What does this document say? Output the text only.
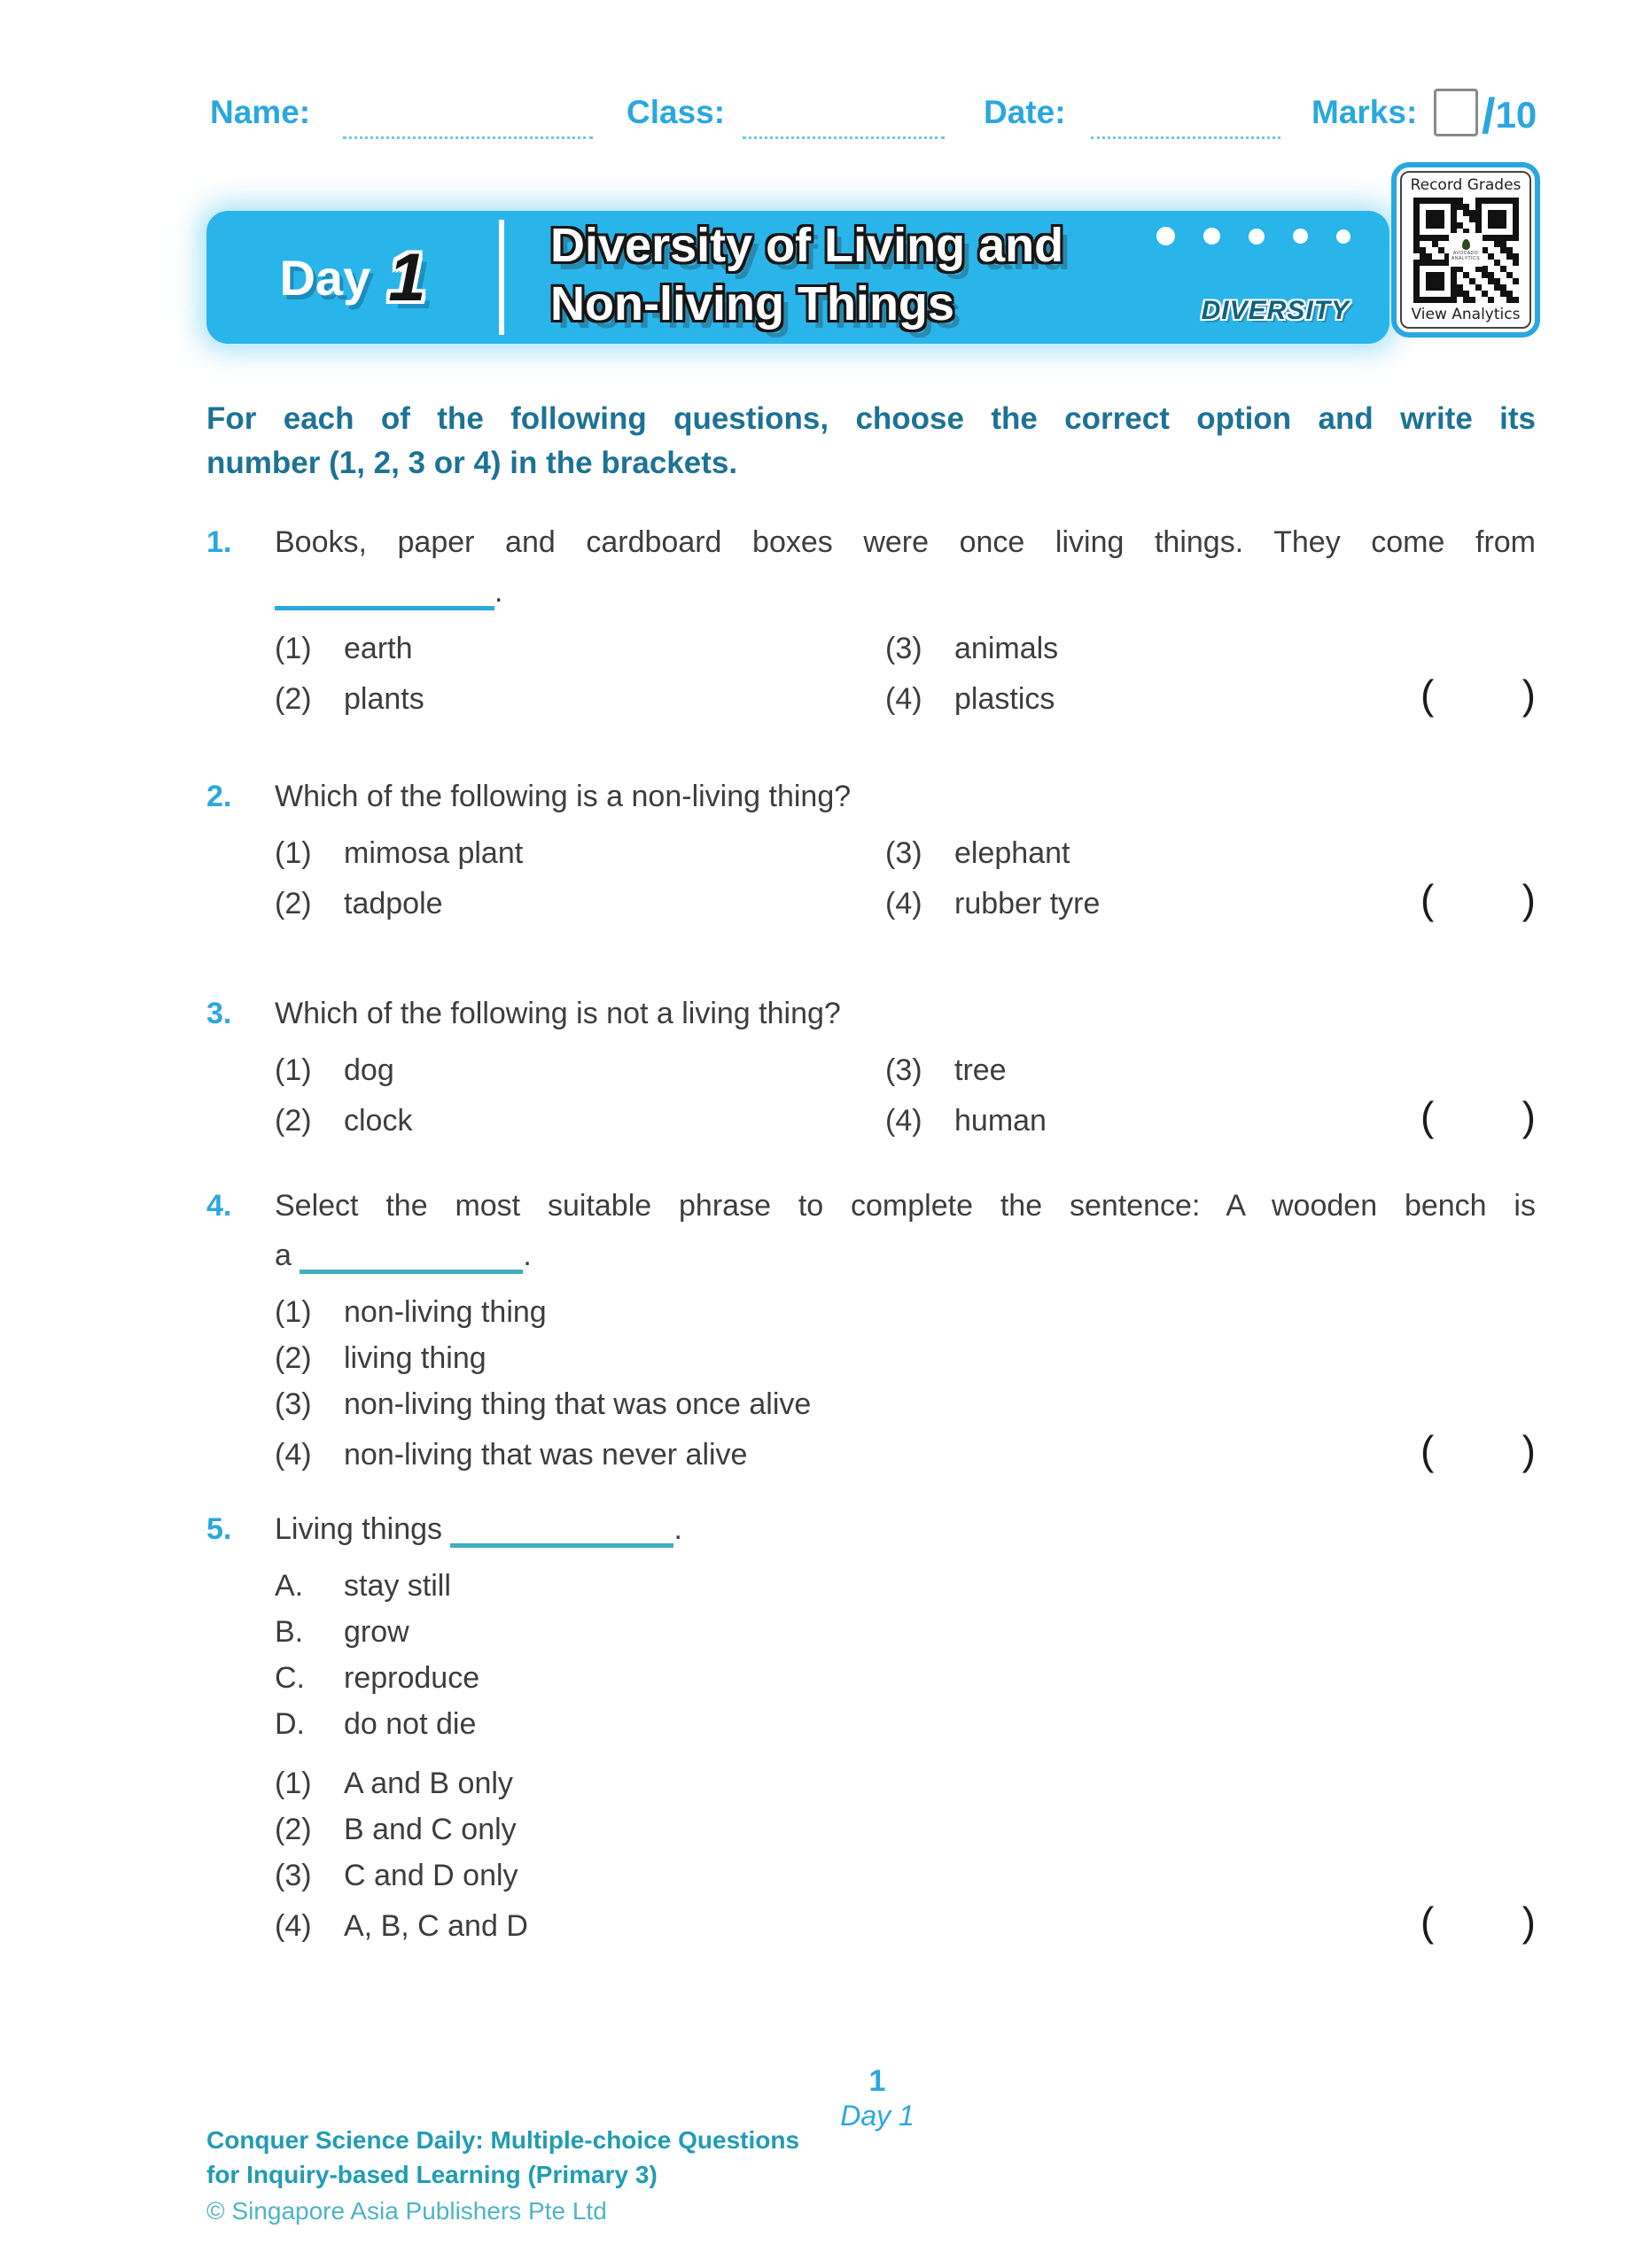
Name:	Class:	Date:	Marks: /10
Day 1	Diversity of Living and
Non-living Things	DIVERSITY
Record Grades
AVOCADO ANALYTICS
View Analytics
For each of the following questions, choose the correct option and write its
number (1, 2, 3 or 4) in the brackets.
1.	Books, paper and cardboard boxes were once living things. They come from
.
(1)	earth	(3)	animals
(2)	plants	(4)	plastics	( )
2.	Which of the following is a non-living thing?
(1)	mimosa plant	(3)	elephant
(2)	tadpole	(4)	rubber tyre	( )
3.	Which of the following is not a living thing?
(1)	dog	(3)	tree
(2)	clock	(4)	human	( )
4.	Select the most suitable phrase to complete the sentence: A wooden bench is
a	.
(1)	non-living thing
(2)	living thing
(3)	non-living thing that was once alive
(4)	non-living that was never alive	( )
5.	Living things	.
A.	stay still
B.	grow
C.	reproduce
D.	do not die
(1)	A and B only
(2)	B and C only
(3)	C and D only
(4)	A, B, C and D	( )
Conquer Science Daily: Multiple-choice Questions
for Inquiry-based Learning (Primary 3)
© Singapore Asia Publishers Pte Ltd
1
Day 1
